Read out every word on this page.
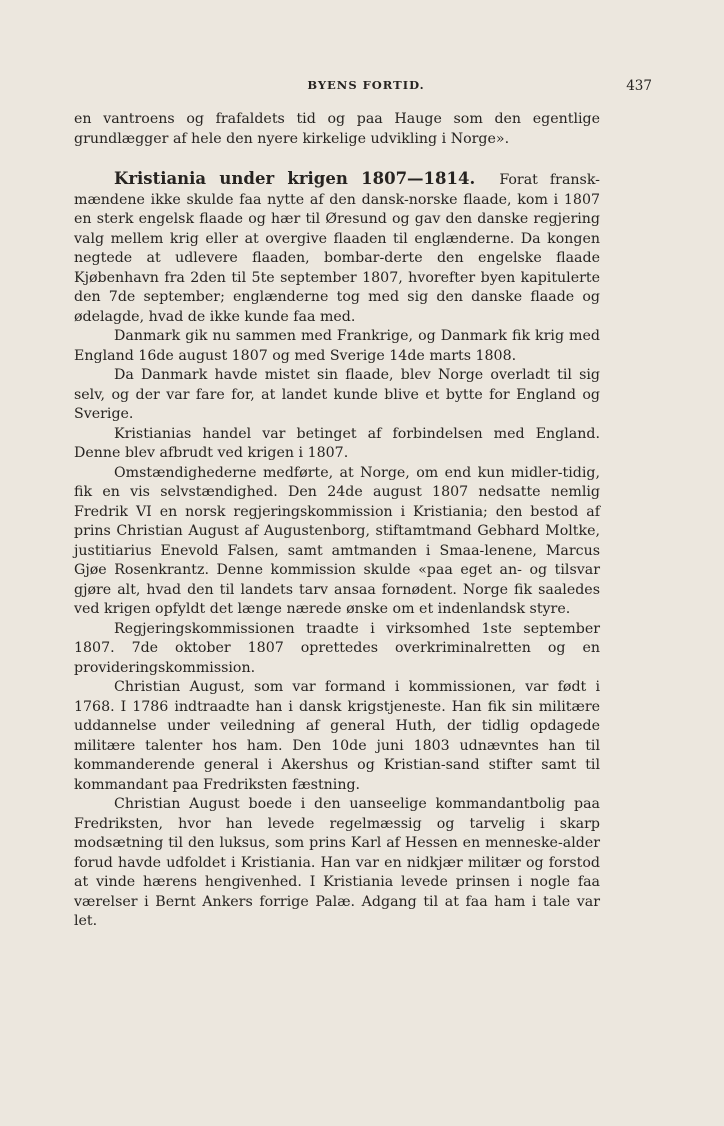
BYENS FORTID.	437

en vantroens og frafaldets tid og paa Hauge som den egentlige grundlægger af hele den nyere kirkelige udvikling i Norge».

Kristiania under krigen 1807—1814. Forat fransk-mændene ikke skulde faa nytte af den dansk-norske flaade, kom i 1807 en sterk engelsk flaade og hær til Øresund og gav den danske regjering valg mellem krig eller at overgive flaaden til englænderne. Da kongen negtede at udlevere flaaden, bombar-derte den engelske flaade Kjøbenhavn fra 2den til 5te september 1807, hvorefter byen kapitulerte den 7de september; englænderne tog med sig den danske flaade og ødelagde, hvad de ikke kunde faa med.

Danmark gik nu sammen med Frankrige, og Danmark fik krig med England 16de august 1807 og med Sverige 14de marts 1808.

Da Danmark havde mistet sin flaade, blev Norge overladt til sig selv, og der var fare for, at landet kunde blive et bytte for England og Sverige.

Kristianias handel var betinget af forbindelsen med England. Denne blev afbrudt ved krigen i 1807.

Omstændighederne medførte, at Norge, om end kun midler-tidig, fik en vis selvstændighed. Den 24de august 1807 nedsatte nemlig Fredrik VI en norsk regjeringskommission i Kristiania; den bestod af prins Christian August af Augustenborg, stiftamtmand Gebhard Moltke, justitiarius Enevold Falsen, samt amtmanden i Smaa-lenene, Marcus Gjøe Rosenkrantz. Denne kommission skulde «paa eget an- og tilsvar gjøre alt, hvad den til landets tarv ansaa fornødent. Norge fik saaledes ved krigen opfyldt det længe nærede ønske om et indenlandsk styre.

Regjeringskommissionen traadte i virksomhed 1ste september 1807. 7de oktober 1807 oprettedes overkriminalretten og en provideringskommission.

Christian August, som var formand i kommissionen, var født i 1768. I 1786 indtraadte han i dansk krigstjeneste. Han fik sin militære uddannelse under veiledning af general Huth, der tidlig opdagede militære talenter hos ham. Den 10de juni 1803 udnævntes han til kommanderende general i Akershus og Kristian-sand stifter samt til kommandant paa Fredriksten fæstning.

Christian August boede i den uanseelige kommandantbolig paa Fredriksten, hvor han levede regelmæssig og tarvelig i skarp modsætning til den luksus, som prins Karl af Hessen en menneske-alder forud havde udfoldet i Kristiania. Han var en nidkjær militær og forstod at vinde hærens hengivenhed. I Kristiania levede prinsen i nogle faa værelser i Bernt Ankers forrige Palæ. Adgang til at faa ham i tale var let.
